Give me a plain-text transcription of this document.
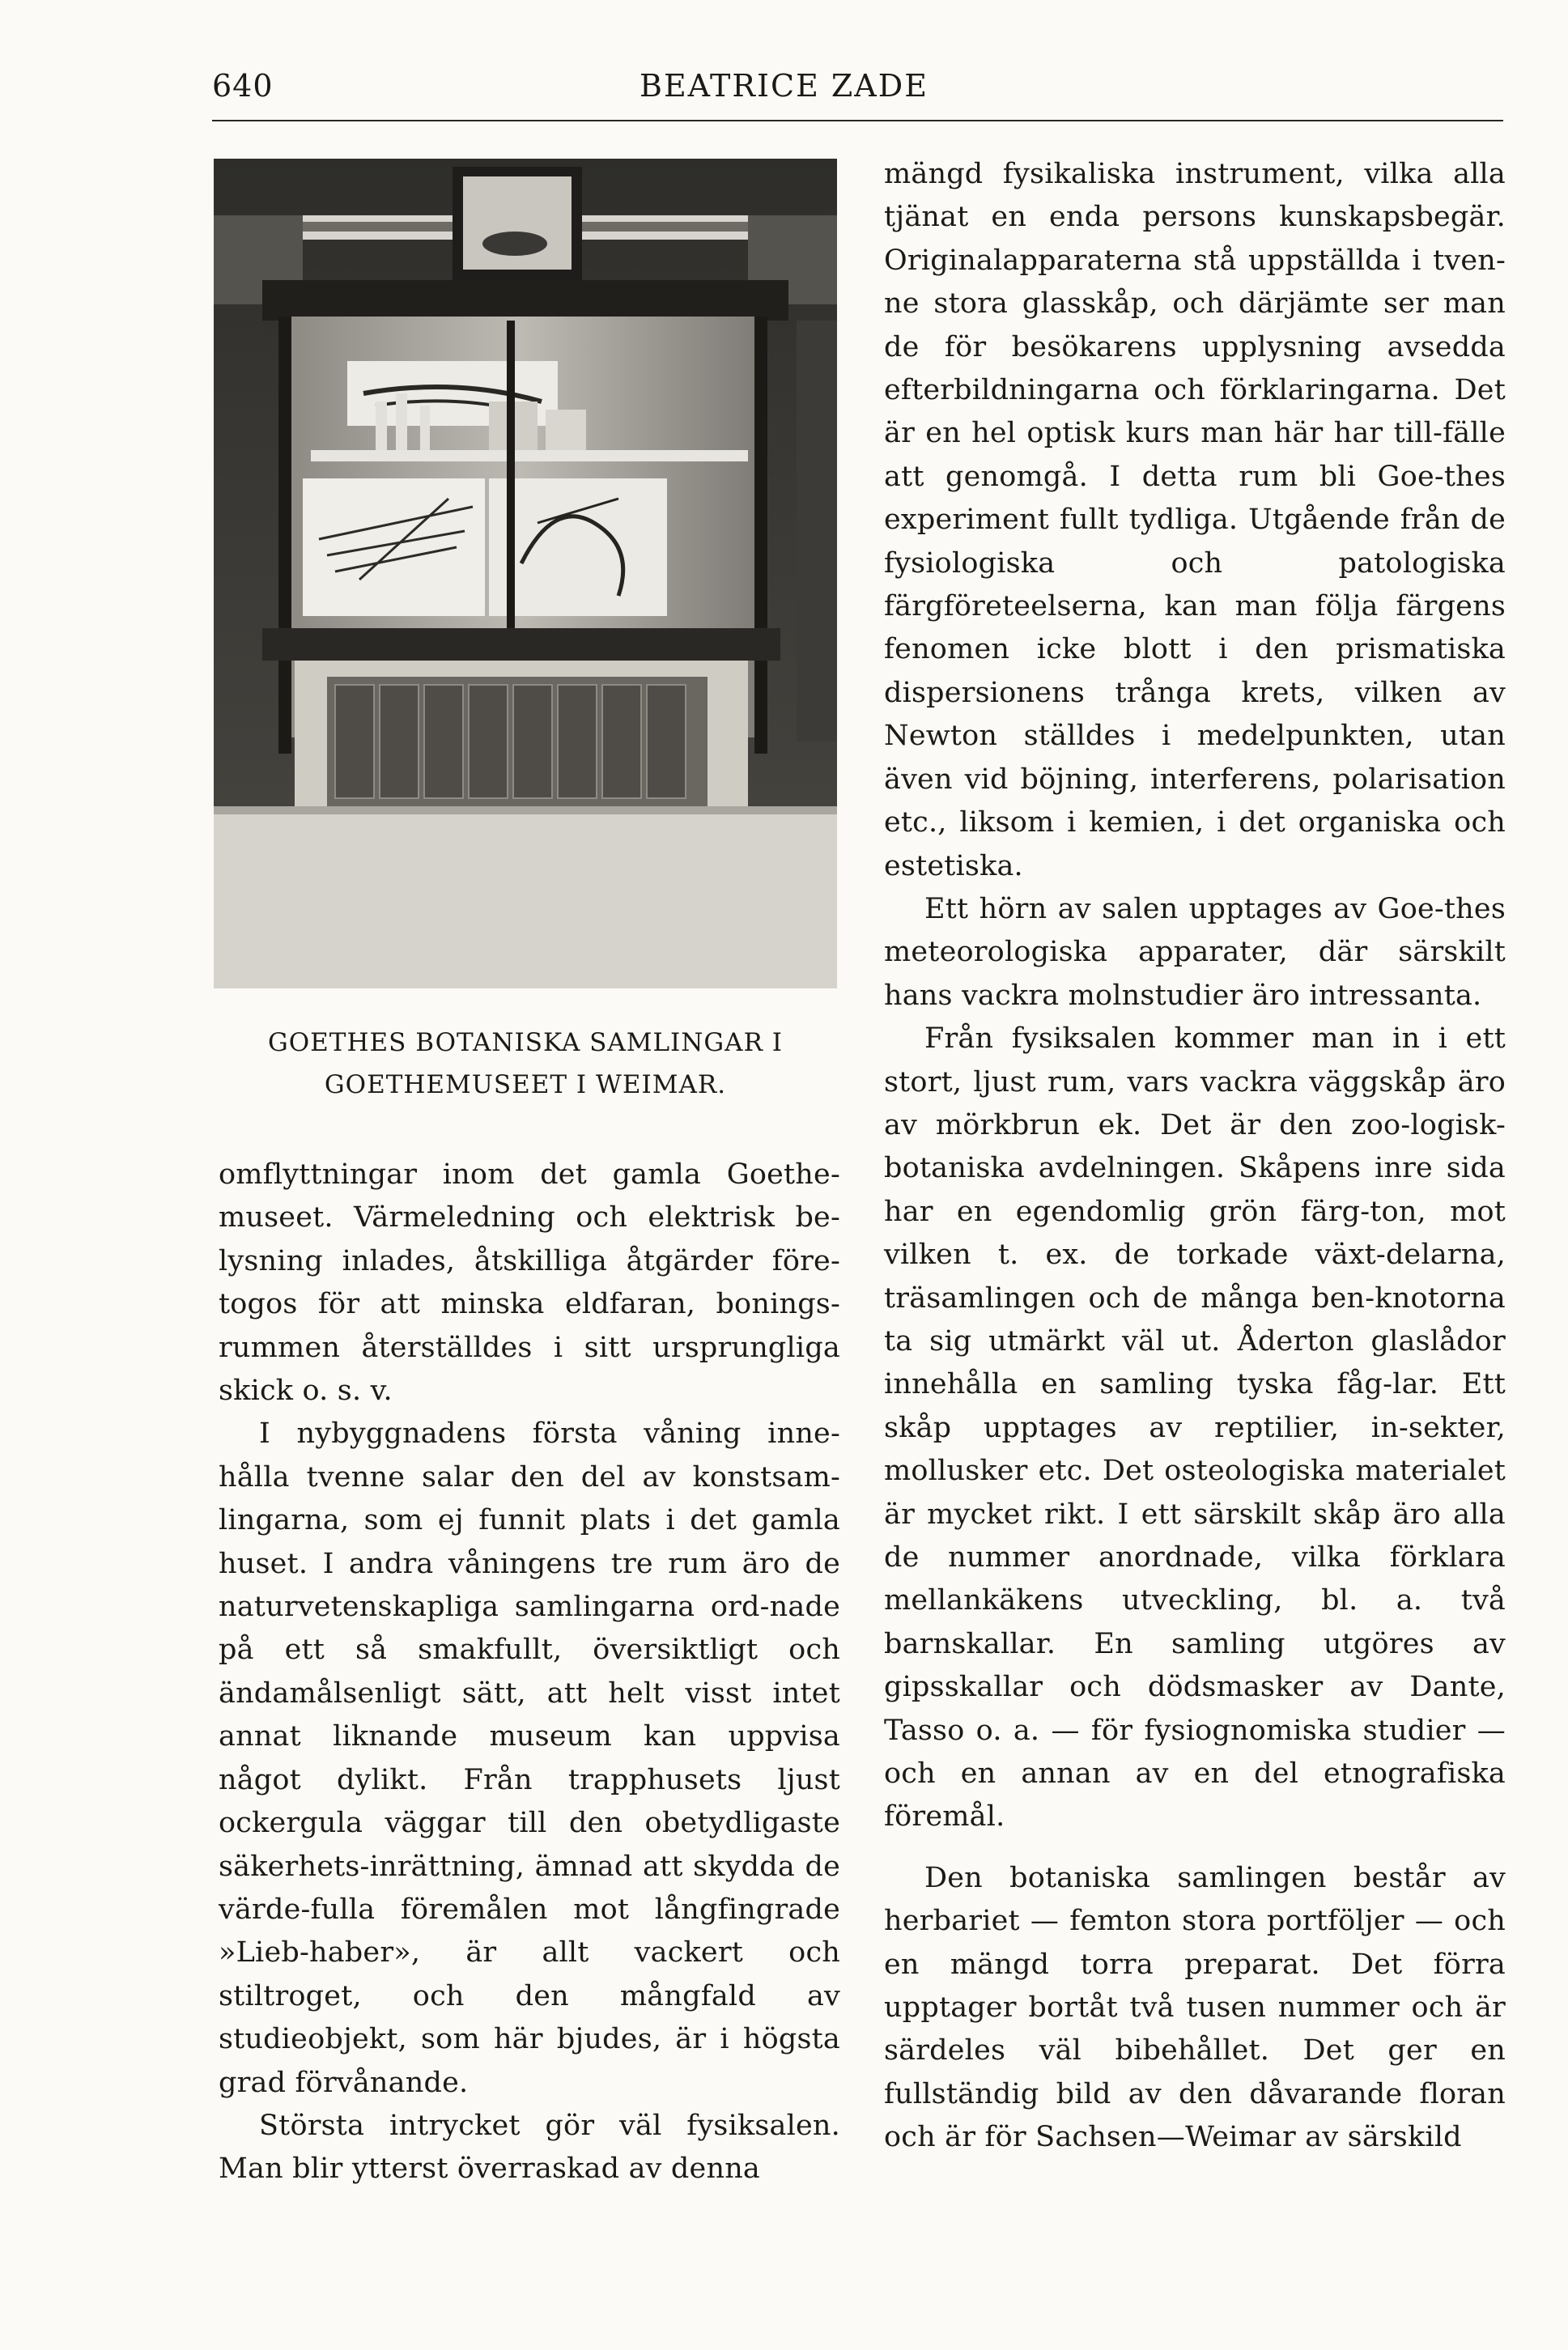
640	BEATRICE ZADE
GOETHES BOTANISKA SAMLINGAR I
GOETHEMUSEET I WEIMAR.

omflyttningar inom det gamla Goethe-museet. Värmeledning och elektrisk be-lysning inlades, åtskilliga åtgärder före-togos för att minska eldfaran, bonings-rummen återställdes i sitt ursprungliga skick o. s. v.

I nybyggnadens första våning inne-hålla tvenne salar den del av konstsam-lingarna, som ej funnit plats i det gamla huset. I andra våningens tre rum äro de naturvetenskapliga samlingarna ord-nade på ett så smakfullt, översiktligt och ändamålsenligt sätt, att helt visst intet annat liknande museum kan uppvisa något dylikt. Från trapphusets ljust ockergula väggar till den obetydligaste säkerhets-inrättning, ämnad att skydda de värde-fulla föremålen mot långfingrade »Lieb-haber», är allt vackert och stiltroget, och den mångfald av studieobjekt, som här bjudes, är i högsta grad förvånande.

Största intrycket gör väl fysiksalen. Man blir ytterst överraskad av denna

mängd fysikaliska instrument, vilka alla tjänat en enda persons kunskapsbegär. Originalapparaterna stå uppställda i tven-ne stora glasskåp, och därjämte ser man de för besökarens upplysning avsedda efterbildningarna och förklaringarna. Det är en hel optisk kurs man här har till-fälle att genomgå. I detta rum bli Goe-thes experiment fullt tydliga. Utgående från de fysiologiska och patologiska färgföreteelserna, kan man följa färgens fenomen icke blott i den prismatiska dispersionens trånga krets, vilken av Newton ställdes i medelpunkten, utan även vid böjning, interferens, polarisation etc., liksom i kemien, i det organiska och estetiska.

Ett hörn av salen upptages av Goe-thes meteorologiska apparater, där särskilt hans vackra molnstudier äro intressanta.

Från fysiksalen kommer man in i ett stort, ljust rum, vars vackra väggskåp äro av mörkbrun ek. Det är den zoo-logisk-botaniska avdelningen. Skåpens inre sida har en egendomlig grön färg-ton, mot vilken t. ex. de torkade växt-delarna, träsamlingen och de många ben-knotorna ta sig utmärkt väl ut. Åderton glaslådor innehålla en samling tyska fåg-lar. Ett skåp upptages av reptilier, in-sekter, mollusker etc. Det osteologiska materialet är mycket rikt. I ett särskilt skåp äro alla de nummer anordnade, vilka förklara mellankäkens utveckling, bl. a. två barnskallar. En samling utgöres av gipsskallar och dödsmasker av Dante, Tasso o. a. — för fysiognomiska studier — och en annan av en del etnografiska föremål.

Den botaniska samlingen består av herbariet — femton stora portföljer — och en mängd torra preparat. Det förra upptager bortåt två tusen nummer och är särdeles väl bibehållet. Det ger en fullständig bild av den dåvarande floran och är för Sachsen—Weimar av särskild
